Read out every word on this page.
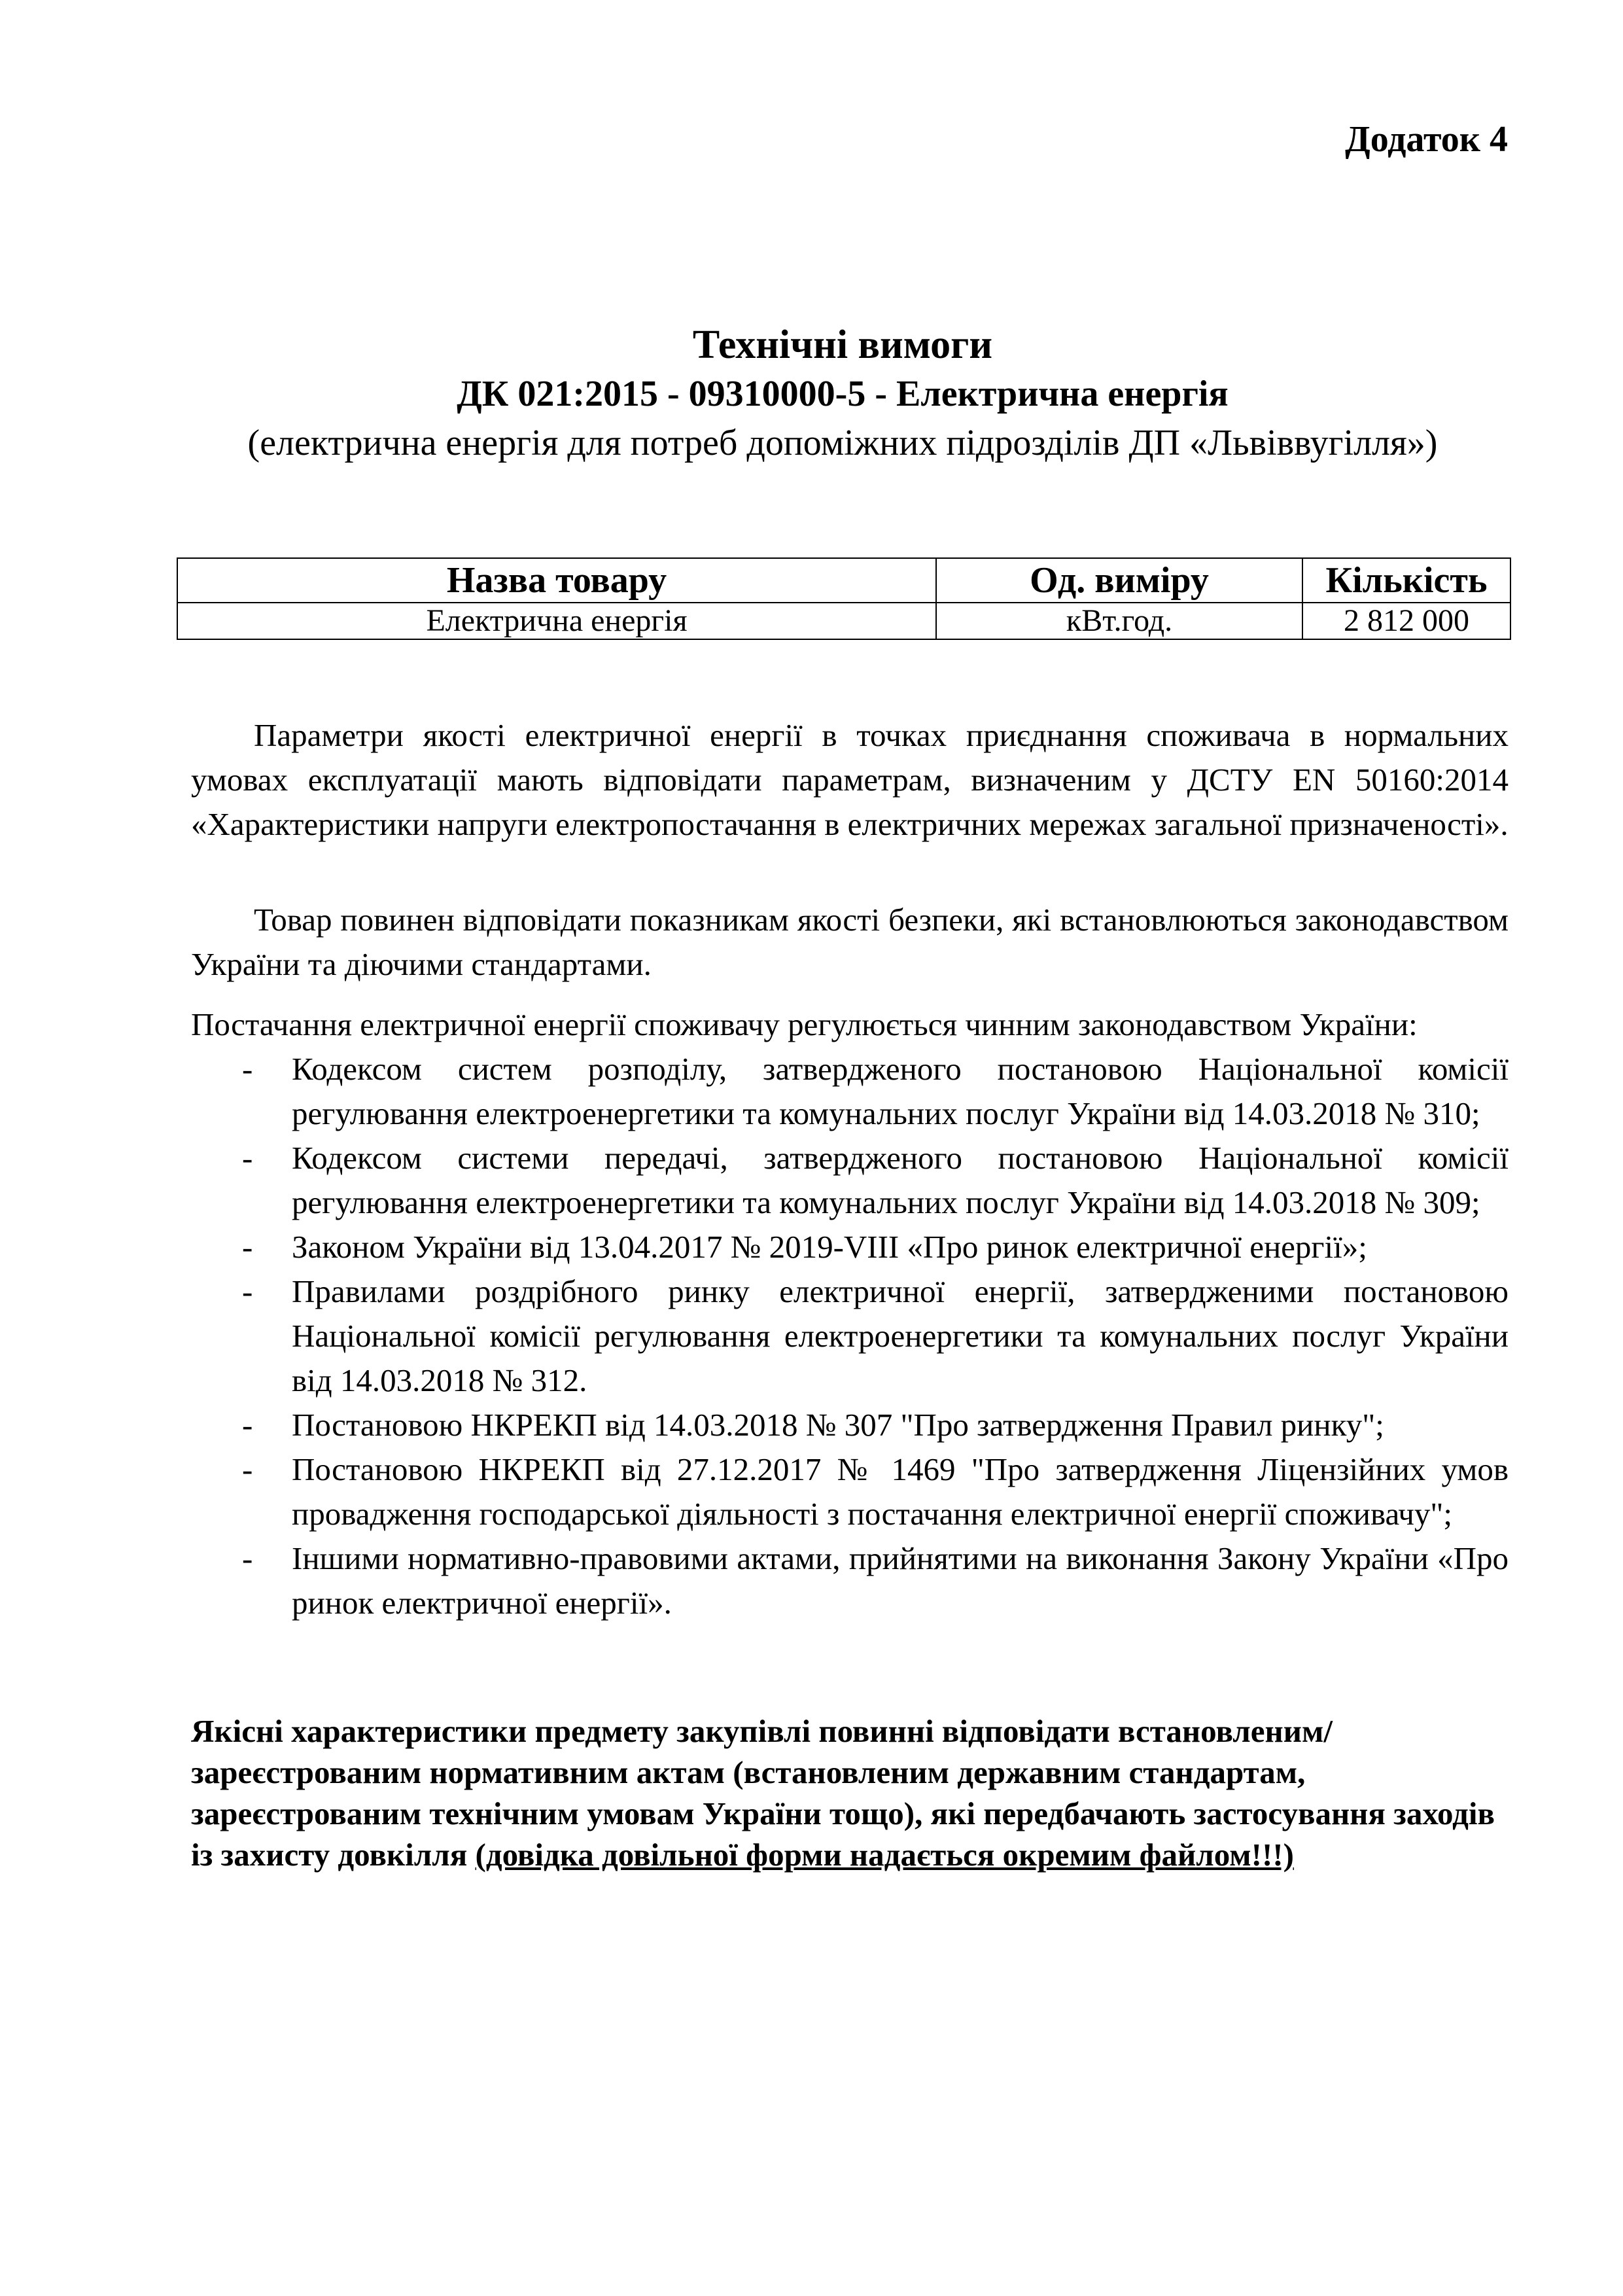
Додаток 4

Технічні вимоги

ДК 021:2015 - 09310000-5 - Електрична енергія

(електрична енергія для потреб допоміжних підрозділів ДП «Львіввугілля»)

Назва товару	Од. виміру	Кількість
Електрична енергія	кВт.год.	2 812 000

Параметри якості електричної енергії в точках приєднання споживача в нормальних умовах експлуатації мають відповідати параметрам, визначеним у ДСТУ EN 50160:2014 «Характеристики напруги електропостачання в електричних мережах загальної призначеності».

Товар повинен відповідати показникам якості безпеки, які встановлюються законодавством України та діючими стандартами.

Постачання електричної енергії споживачу регулюється чинним законодавством України:

- Кодексом систем розподілу, затвердженого постановою Національної комісії регулювання електроенергетики та комунальних послуг України від 14.03.2018 № 310;
- Кодексом системи передачі, затвердженого постановою Національної комісії регулювання електроенергетики та комунальних послуг України від 14.03.2018 № 309;
- Законом України від 13.04.2017 № 2019-VIII «Про ринок електричної енергії»;
- Правилами роздрібного ринку електричної енергії, затвердженими постановою Національної комісії регулювання електроенергетики та комунальних послуг України від 14.03.2018 № 312.
- Постановою НКРЕКП від 14.03.2018 № 307 "Про затвердження Правил ринку";
- Постановою НКРЕКП від 27.12.2017 № 1469 "Про затвердження Ліцензійних умов провадження господарської діяльності з постачання електричної енергії споживачу";
- Іншими нормативно-правовими актами, прийнятими на виконання Закону України «Про ринок електричної енергії».

Якісні характеристики предмету закупівлі повинні відповідати встановленим/зареєстрованим нормативним актам (встановленим державним стандартам, зареєстрованим технічним умовам України тощо), які передбачають застосування заходів із захисту довкілля (довідка довільної форми надається окремим файлом!!!)
